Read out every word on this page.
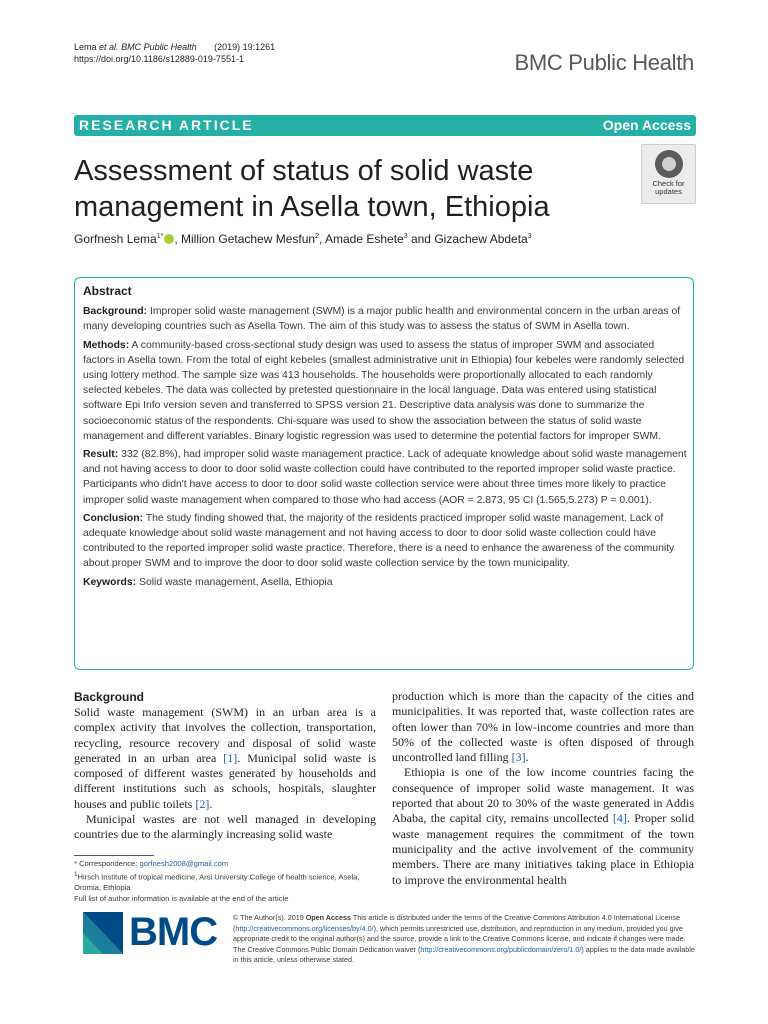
Lema et al. BMC Public Health (2019) 19:1261
https://doi.org/10.1186/s12889-019-7551-1	BMC Public Health
RESEARCH ARTICLE	Open Access
Assessment of status of solid waste management in Asella town, Ethiopia
Check for
updates
Gorfnesh Lema$^{1*}$ , Million Getachew Mesfun$^2$, Amade Eshete$^3$ and Gizachew Abdeta$^3$
Abstract

Background: Improper solid waste management (SWM) is a major public health and environmental concern in the urban areas of many developing countries such as Asella Town. The aim of this study was to assess the status of SWM in Asella town.

Methods: A community-based cross-sectional study design was used to assess the status of improper SWM and associated factors in Asella town. From the total of eight kebeles (smallest administrative unit in Ethiopia) four kebeles were randomly selected using lottery method. The sample size was 413 households. The households were proportionally allocated to each randomly selected kebeles. The data was collected by pretested questionnaire in the local language. Data was entered using statistical software Epi Info version seven and transferred to SPSS version 21. Descriptive data analysis was done to summarize the socioeconomic status of the respondents. Chi-square was used to show the association between the status of solid waste management and different variables. Binary logistic regression was used to determine the potential factors for improper SWM.

Result: 332 (82.8%), had improper solid waste management practice. Lack of adequate knowledge about solid waste management and not having access to door to door solid waste collection could have contributed to the reported improper solid waste practice. Participants who didn't have access to door to door solid waste collection service were about three times more likely to practice improper solid waste management when compared to those who had access (AOR = 2.873, 95 CI (1.565,5.273) P = 0.001).

Conclusion: The study finding showed that, the majority of the residents practiced improper solid waste management. Lack of adequate knowledge about solid waste management and not having access to door to door solid waste collection could have contributed to the reported improper solid waste practice. Therefore, there is a need to enhance the awareness of the community about proper SWM and to improve the door to door solid waste collection service by the town municipality.

Keywords: Solid waste management, Asella, Ethiopia

Background

Solid waste management (SWM) in an urban area is a complex activity that involves the collection, transportation, recycling, resource recovery and disposal of solid waste generated in an urban area [1]. Municipal solid waste is composed of different wastes generated by households and different institutions such as schools, hospitals, slaughter houses and public toilets [2].

Municipal wastes are not well managed in developing countries due to the alarmingly increasing solid waste

production which is more than the capacity of the cities and municipalities. It was reported that, waste collection rates are often lower than 70% in low-income countries and more than 50% of the collected waste is often disposed of through uncontrolled land filling [3].

Ethiopia is one of the low income countries facing the consequence of improper solid waste management. It was reported that about 20 to 30% of the waste generated in Addis Ababa, the capital city, remains uncollected [4]. Proper solid waste management requires the commitment of the town municipality and the active involvement of the community members. There are many initiatives taking place in Ethiopia to improve the environmental health

* Correspondence: gorfnesh2008@gmail.com
$^1$Hirsch Institute of tropical medicine, Arsi University College of health science, Asela, Oromia, Ethiopia
Full list of author information is available at the end of the article
BMC © The Author(s). 2019 Open Access This article is distributed under the terms of the Creative Commons Attribution 4.0 International License (http://creativecommons.org/licenses/by/4.0/), which permits unrestricted use, distribution, and reproduction in any medium, provided you give appropriate credit to the original author(s) and the source, provide a link to the Creative Commons license, and indicate if changes were made. The Creative Commons Public Domain Dedication waiver (http://creativecommons.org/publicdomain/zero/1.0/) applies to the data made available in this article, unless otherwise stated.
